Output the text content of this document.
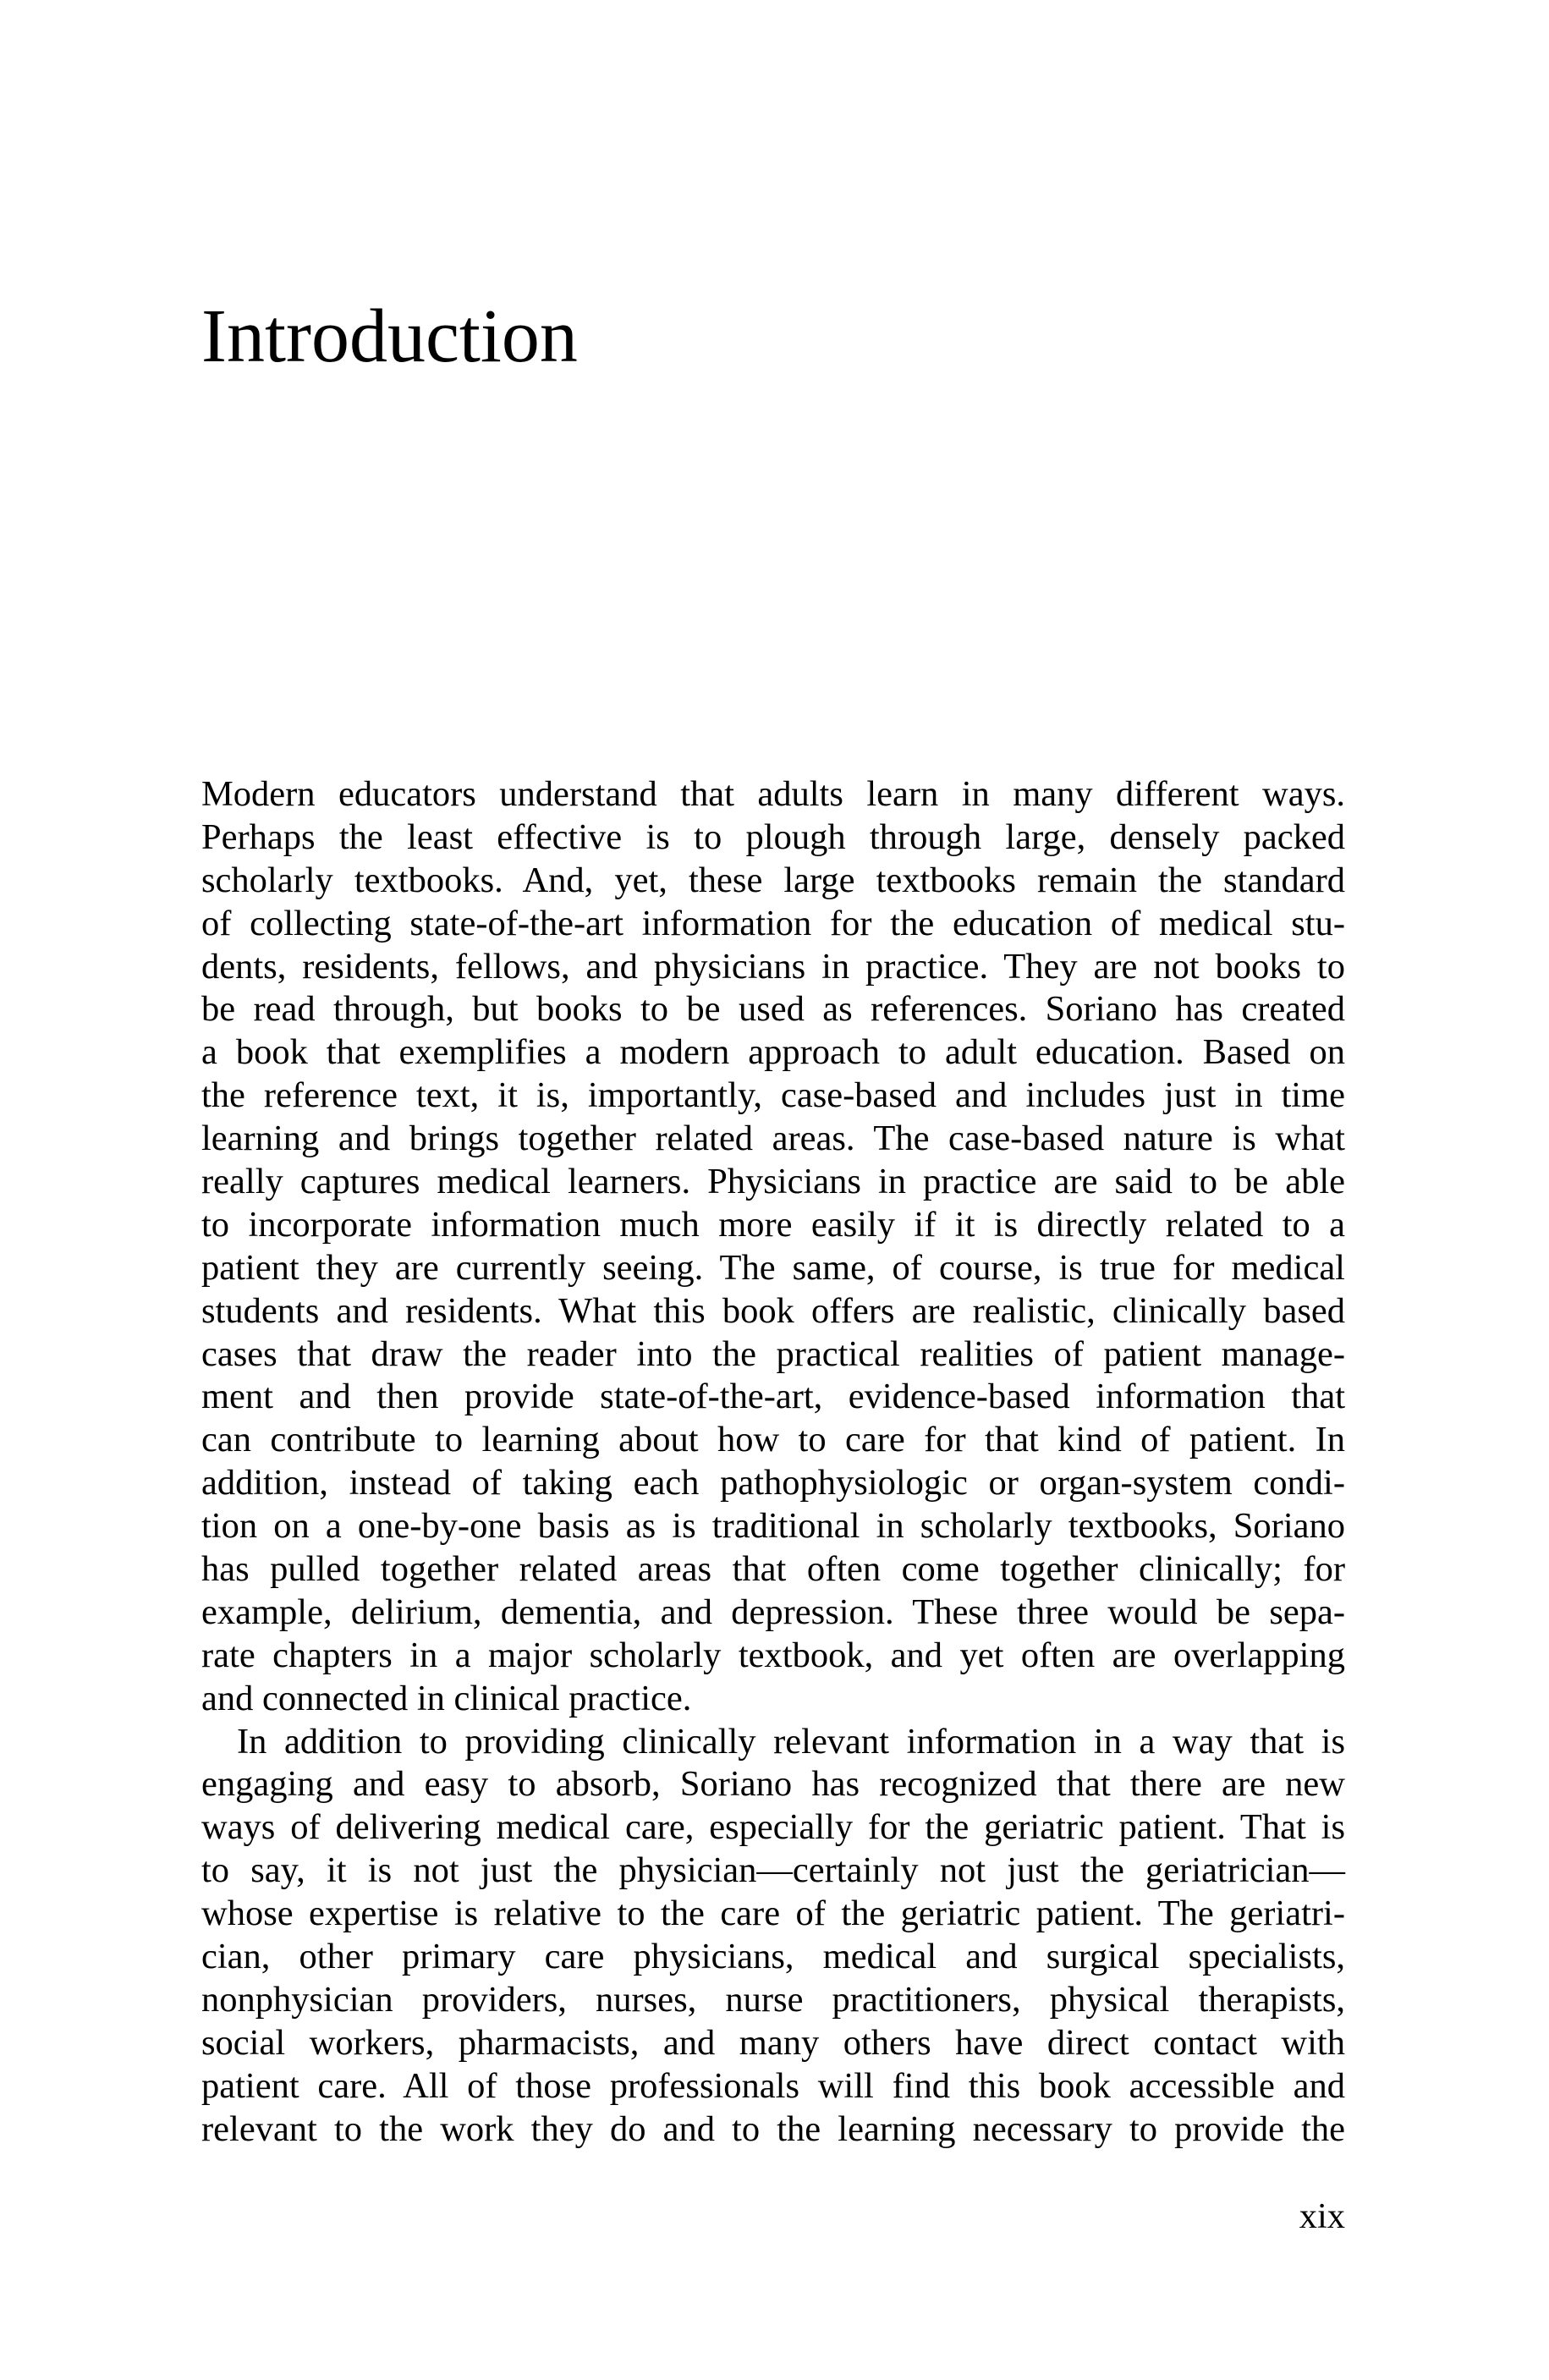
Introduction
Modern educators understand that adults learn in many different ways.
Perhaps the least effective is to plough through large, densely packed
scholarly textbooks. And, yet, these large textbooks remain the standard
of collecting state-of-the-art information for the education of medical stu-
dents, residents, fellows, and physicians in practice. They are not books to
be read through, but books to be used as references. Soriano has created
a book that exemplifies a modern approach to adult education. Based on
the reference text, it is, importantly, case-based and includes just in time
learning and brings together related areas. The case-based nature is what
really captures medical learners. Physicians in practice are said to be able
to incorporate information much more easily if it is directly related to a
patient they are currently seeing. The same, of course, is true for medical
students and residents. What this book offers are realistic, clinically based
cases that draw the reader into the practical realities of patient manage-
ment and then provide state-of-the-art, evidence-based information that
can contribute to learning about how to care for that kind of patient. In
addition, instead of taking each pathophysiologic or organ-system condi-
tion on a one-by-one basis as is traditional in scholarly textbooks, Soriano
has pulled together related areas that often come together clinically; for
example, delirium, dementia, and depression. These three would be sepa-
rate chapters in a major scholarly textbook, and yet often are overlapping
and connected in clinical practice.
In addition to providing clinically relevant information in a way that is
engaging and easy to absorb, Soriano has recognized that there are new
ways of delivering medical care, especially for the geriatric patient. That is
to say, it is not just the physician—certainly not just the geriatrician—
whose expertise is relative to the care of the geriatric patient. The geriatri-
cian, other primary care physicians, medical and surgical specialists,
nonphysician providers, nurses, nurse practitioners, physical therapists,
social workers, pharmacists, and many others have direct contact with
patient care. All of those professionals will find this book accessible and
relevant to the work they do and to the learning necessary to provide the
xix
